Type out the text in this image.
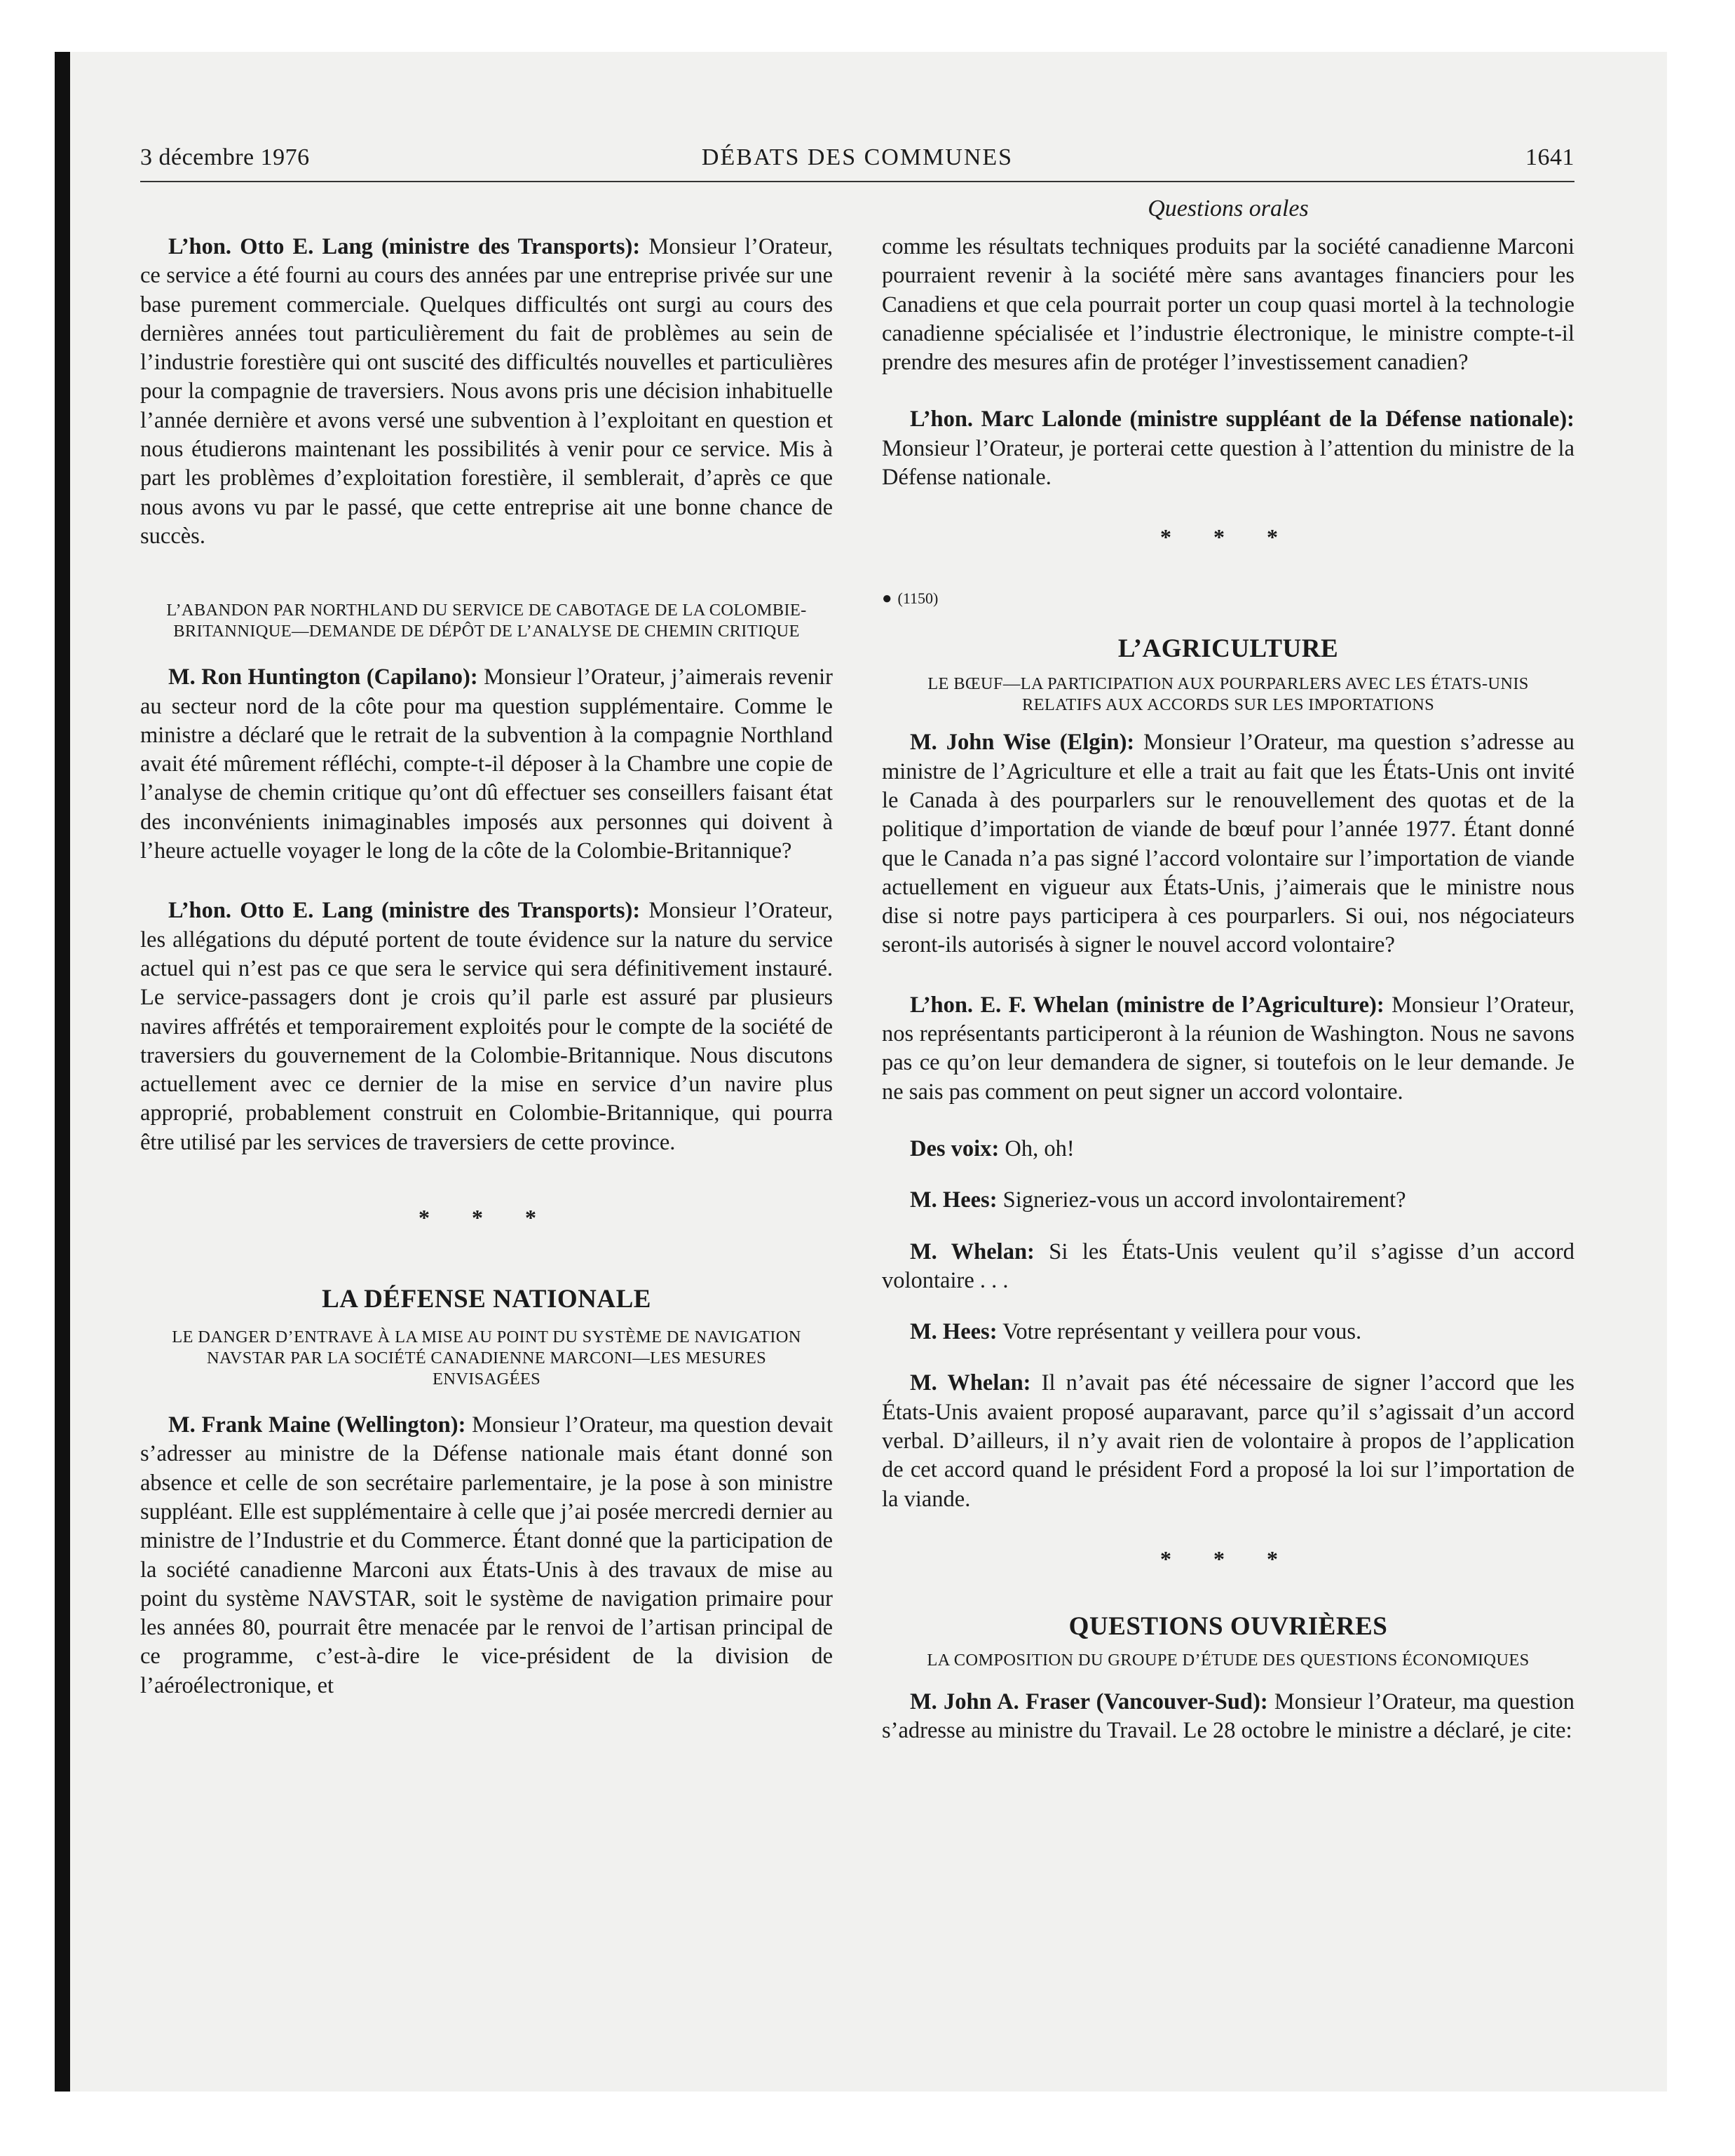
3 décembre 1976	DÉBATS DES COMMUNES	1641
Questions orales

L’hon. Otto E. Lang (ministre des Transports): Monsieur l’Orateur, ce service a été fourni au cours des années par une entreprise privée sur une base purement commerciale. Quelques difficultés ont surgi au cours des dernières années tout particulièrement du fait de problèmes au sein de l’industrie forestière qui ont suscité des difficultés nouvelles et particulières pour la compagnie de traversiers. Nous avons pris une décision inhabituelle l’année dernière et avons versé une subvention à l’exploitant en question et nous étudierons maintenant les possibilités à venir pour ce service. Mis à part les problèmes d’exploitation forestière, il semblerait, d’après ce que nous avons vu par le passé, que cette entreprise ait une bonne chance de succès.

L’ABANDON PAR NORTHLAND DU SERVICE DE CABOTAGE DE LA COLOMBIE-BRITANNIQUE—DEMANDE DE DÉPÔT DE L’ANALYSE DE CHEMIN CRITIQUE

M. Ron Huntington (Capilano): Monsieur l’Orateur, j’aimerais revenir au secteur nord de la côte pour ma question supplémentaire. Comme le ministre a déclaré que le retrait de la subvention à la compagnie Northland avait été mûrement réfléchi, compte-t-il déposer à la Chambre une copie de l’analyse de chemin critique qu’ont dû effectuer ses conseillers faisant état des inconvénients inimaginables imposés aux personnes qui doivent à l’heure actuelle voyager le long de la côte de la Colombie-Britannique?

L’hon. Otto E. Lang (ministre des Transports): Monsieur l’Orateur, les allégations du député portent de toute évidence sur la nature du service actuel qui n’est pas ce que sera le service qui sera définitivement instauré. Le service-passagers dont je crois qu’il parle est assuré par plusieurs navires affrétés et temporairement exploités pour le compte de la société de traversiers du gouvernement de la Colombie-Britannique. Nous discutons actuellement avec ce dernier de la mise en service d’un navire plus approprié, probablement construit en Colombie-Britannique, qui pourra être utilisé par les services de traversiers de cette province.

* * *
LA DÉFENSE NATIONALE
LE DANGER D’ENTRAVE À LA MISE AU POINT DU SYSTÈME DE NAVIGATION NAVSTAR PAR LA SOCIÉTÉ CANADIENNE MARCONI—LES MESURES ENVISAGÉES

M. Frank Maine (Wellington): Monsieur l’Orateur, ma question devait s’adresser au ministre de la Défense nationale mais étant donné son absence et celle de son secrétaire parlementaire, je la pose à son ministre suppléant. Elle est supplémentaire à celle que j’ai posée mercredi dernier au ministre de l’Industrie et du Commerce. Étant donné que la participation de la société canadienne Marconi aux États-Unis à des travaux de mise au point du système NAVSTAR, soit le système de navigation primaire pour les années 80, pourrait être menacée par le renvoi de l’artisan principal de ce programme, c’est-à-dire le vice-président de la division de l’aéroélectronique, et

comme les résultats techniques produits par la société canadienne Marconi pourraient revenir à la société mère sans avantages financiers pour les Canadiens et que cela pourrait porter un coup quasi mortel à la technologie canadienne spécialisée et l’industrie électronique, le ministre compte-t-il prendre des mesures afin de protéger l’investissement canadien?

L’hon. Marc Lalonde (ministre suppléant de la Défense nationale): Monsieur l’Orateur, je porterai cette question à l’attention du ministre de la Défense nationale.

* * *
● (1150)
L’AGRICULTURE
LE BŒUF—LA PARTICIPATION AUX POURPARLERS AVEC LES ÉTATS-UNIS RELATIFS AUX ACCORDS SUR LES IMPORTATIONS

M. John Wise (Elgin): Monsieur l’Orateur, ma question s’adresse au ministre de l’Agriculture et elle a trait au fait que les États-Unis ont invité le Canada à des pourparlers sur le renouvellement des quotas et de la politique d’importation de viande de bœuf pour l’année 1977. Étant donné que le Canada n’a pas signé l’accord volontaire sur l’importation de viande actuellement en vigueur aux États-Unis, j’aimerais que le ministre nous dise si notre pays participera à ces pourparlers. Si oui, nos négociateurs seront-ils autorisés à signer le nouvel accord volontaire?

L’hon. E. F. Whelan (ministre de l’Agriculture): Monsieur l’Orateur, nos représentants participeront à la réunion de Washington. Nous ne savons pas ce qu’on leur demandera de signer, si toutefois on le leur demande. Je ne sais pas comment on peut signer un accord volontaire.

Des voix: Oh, oh!

M. Hees: Signeriez-vous un accord involontairement?

M. Whelan: Si les États-Unis veulent qu’il s’agisse d’un accord volontaire . . .

M. Hees: Votre représentant y veillera pour vous.

M. Whelan: Il n’avait pas été nécessaire de signer l’accord que les États-Unis avaient proposé auparavant, parce qu’il s’agissait d’un accord verbal. D’ailleurs, il n’y avait rien de volontaire à propos de l’application de cet accord quand le président Ford a proposé la loi sur l’importation de la viande.

* * *
QUESTIONS OUVRIÈRES
LA COMPOSITION DU GROUPE D’ÉTUDE DES QUESTIONS ÉCONOMIQUES

M. John A. Fraser (Vancouver-Sud): Monsieur l’Orateur, ma question s’adresse au ministre du Travail. Le 28 octobre le ministre a déclaré, je cite:
